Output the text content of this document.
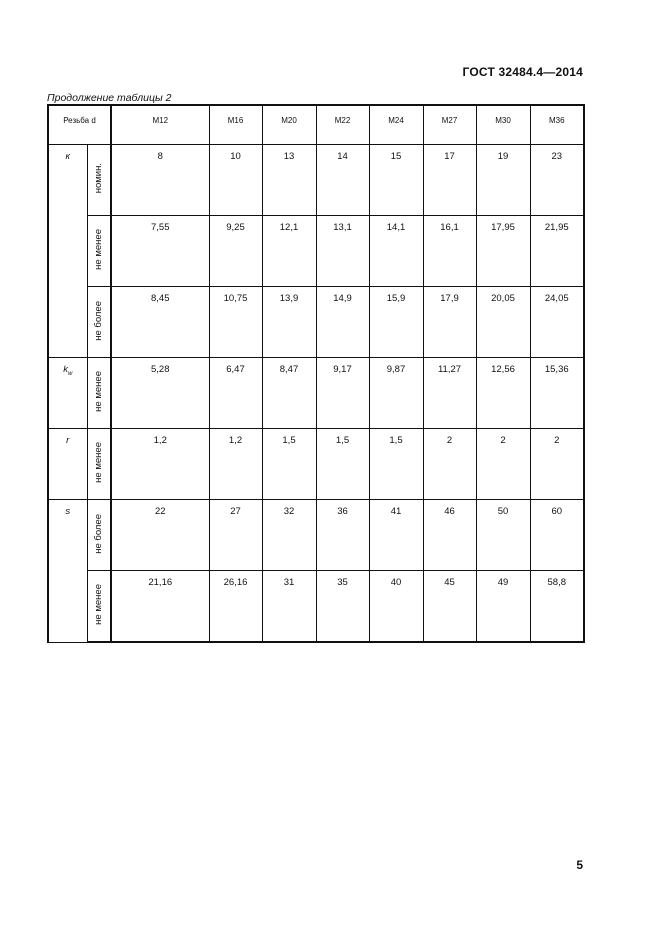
ГОСТ 32484.4—2014
Продолжение таблицы 2
Резьба d		M12	M16	M20	M22	M24	M27	M30	M36
к	номин.	8	10	13	14	15	17	19	23
	не менее	7,55	9,25	12,1	13,1	14,1	16,1	17,95	21,95
	не более	8,45	10,75	13,9	14,9	15,9	17,9	20,05	24,05
$k_w$	не менее	5,28	6,47	8,47	9,17	9,87	11,27	12,56	15,36
r	не менее	1,2	1,2	1,5	1,5	1,5	2	2	2
s	не более	22	27	32	36	41	46	50	60
	не менее	21,16	26,16	31	35	40	45	49	58,8
5
